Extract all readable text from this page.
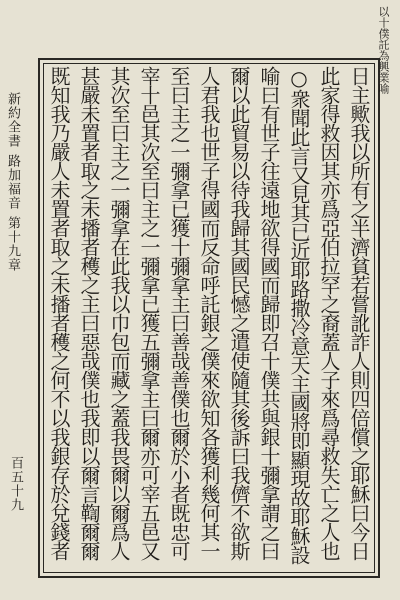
以十僕託為興業喻
新約全書
路加福音
第十九章
百五十九
日主歟我以所有之半濟貧若嘗訛詐人則四倍償之耶穌曰今日此家得救因其亦爲亞伯拉罕之裔蓋人子來爲尋救失亡之人也○衆聞此言又見其已近耶路撒冷意天主國將即顯現故耶穌設喻曰有世子往遠地欲得國而歸即召十僕共與銀十彌拿謂之曰爾以此貿易以待我歸其國民憾之遣使隨其後訴曰我儕不欲斯人君我也世子得國而反命呼託銀之僕來欲知各獲利幾何其一至曰主之一彌拿已獲十彌拿主曰善哉善僕也爾於小者既忠可宰十邑其次至曰主之一彌拿已獲五彌拿主曰爾亦可宰五邑又其次至曰主之一彌拿在此我以巾包而藏之蓋我畏爾以爾爲人甚嚴未置者取之未播者穫之主曰惡哉僕也我即以爾言鞫爾爾既知我乃嚴人未置者取之未播者穫之何不以我銀存於兌錢者
